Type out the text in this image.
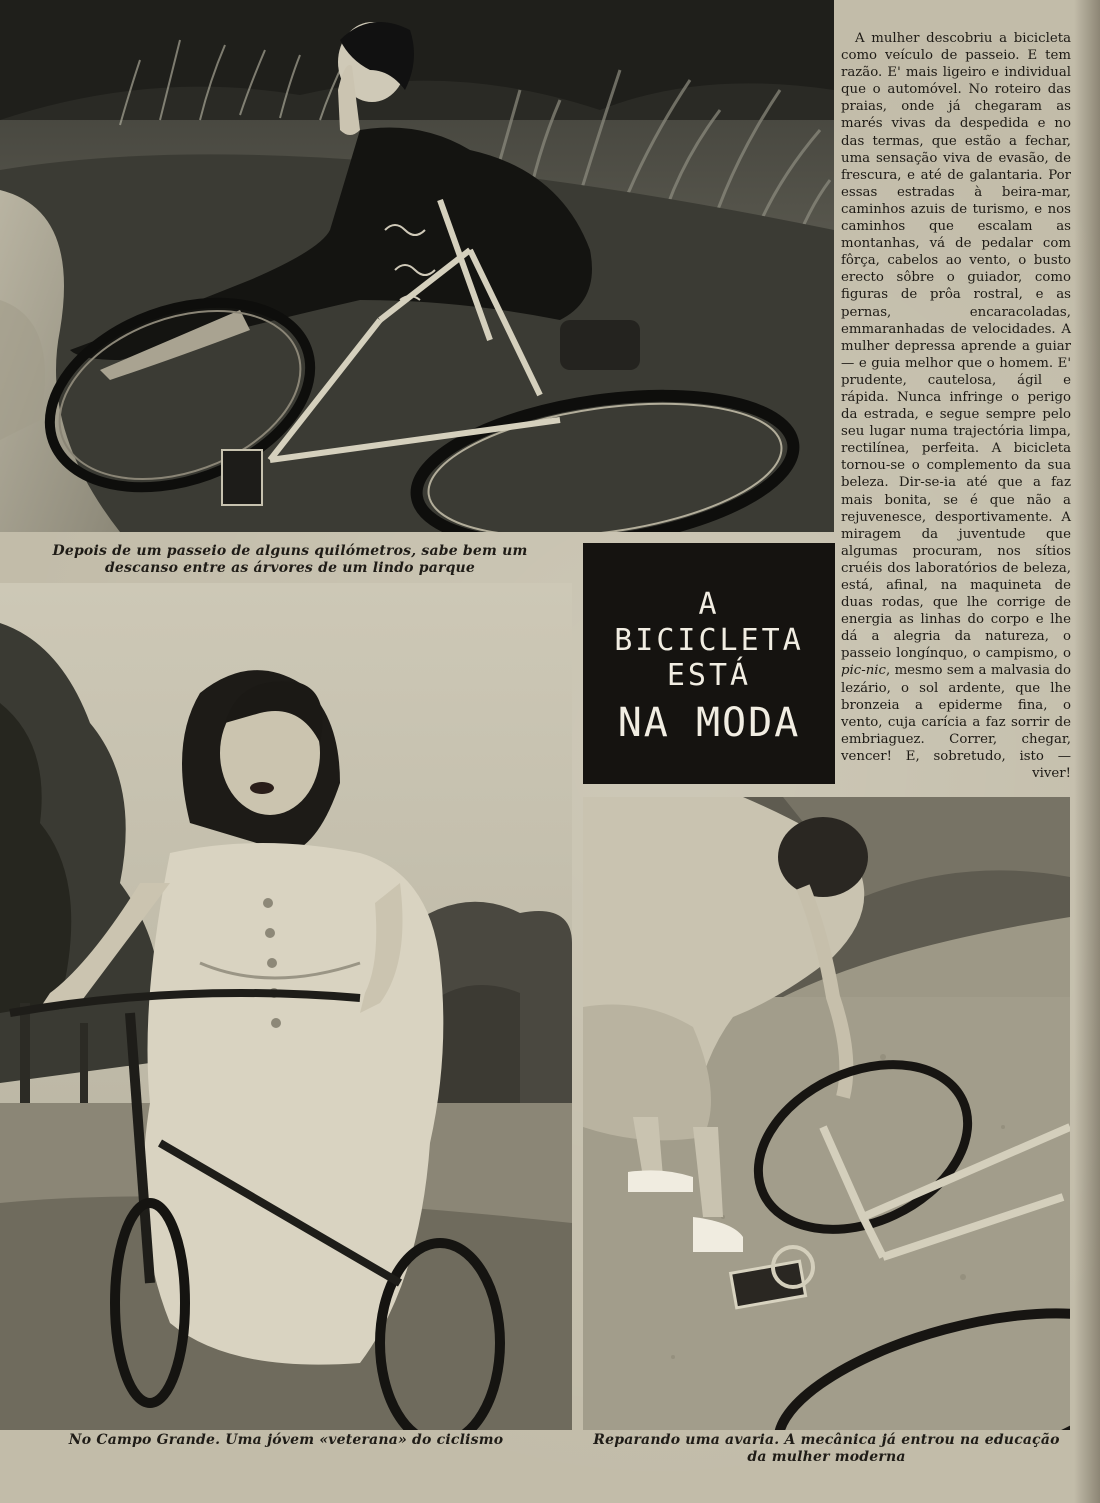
Depois de um passeio de alguns quilómetros, sabe bem um descanso entre as árvores de um lindo parque
A
BICICLETA
ESTÁ
NA MODA

A mulher descobriu a bicicleta como veículo de passeio. E tem razão. E' mais ligeiro e individual que o automóvel. No roteiro das praias, onde já chegaram as marés vivas da despedida e no das termas, que estão a fechar, uma sensação viva de evasão, de frescura, e até de galantaria. Por essas estradas à beira-mar, caminhos azuis de turismo, e nos caminhos que escalam as montanhas, vá de pedalar com fôrça, cabelos ao vento, o busto erecto sôbre o guiador, como figuras de prôa rostral, e as pernas, encaracoladas, emmaranhadas de velocidades. A mulher depressa aprende a guiar — e guia melhor que o homem. E' prudente, cautelosa, ágil e rápida. Nunca infringe o perigo da estrada, e segue sempre pelo seu lugar numa trajectória limpa, rectilínea, perfeita. A bicicleta tornou-se o complemento da sua beleza. Dir-se-ia até que a faz mais bonita, se é que não a rejuvenesce, desportivamente. A miragem da juventude que algumas procuram, nos sítios cruéis dos laboratórios de beleza, está, afinal, na maquineta de duas rodas, que lhe corrige de energia as linhas do corpo e lhe dá a alegria da natureza, o passeio longínquo, o campismo, o pic-nic, mesmo sem a malvasia do lezário, o sol ardente, que lhe bronzeia a epiderme fina, o vento, cuja carícia a faz sorrir de embriaguez. Correr, chegar, vencer! E, sobretudo, isto — viver!

No Campo Grande. Uma jóvem «veterana» do ciclismo	Reparando uma avaria. A mecânica já entrou na educação da mulher moderna
